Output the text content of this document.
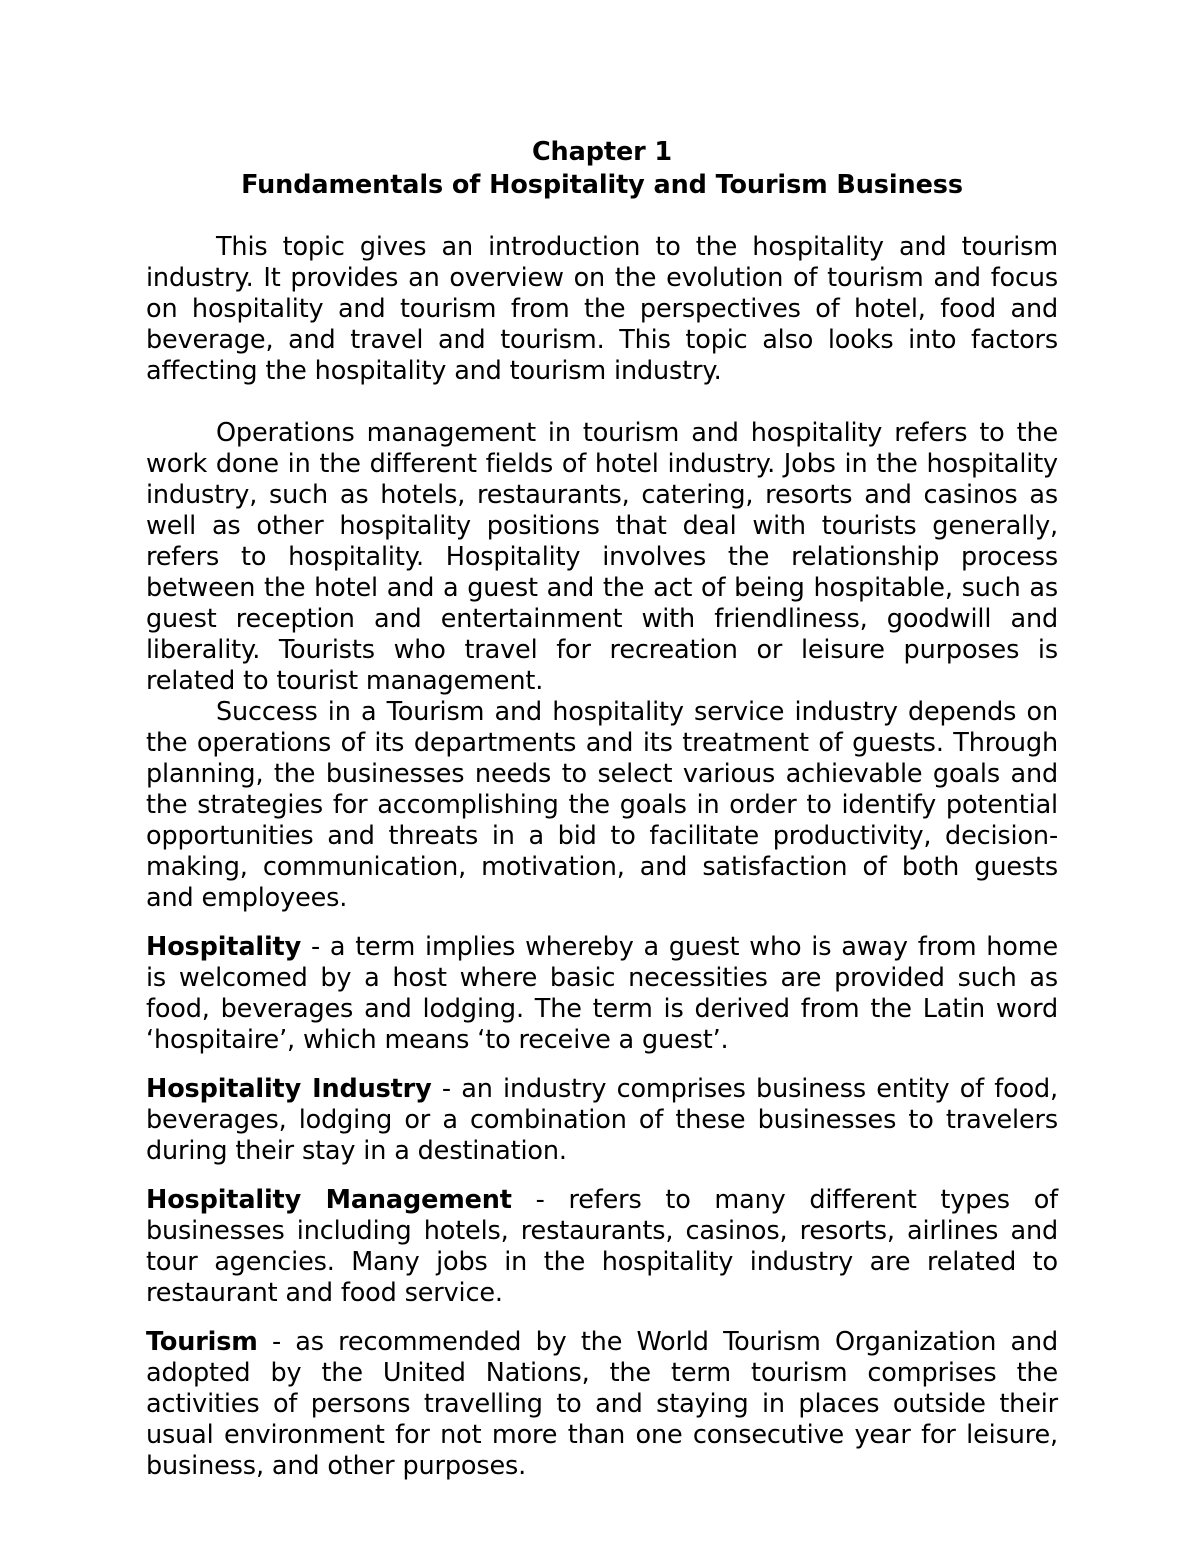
Chapter 1
Fundamentals of Hospitality and Tourism Business

This topic gives an introduction to the hospitality and tourism industry. It provides an overview on the evolution of tourism and focus on hospitality and tourism from the perspectives of hotel, food and beverage, and travel and tourism. This topic also looks into factors affecting the hospitality and tourism industry.

Operations management in tourism and hospitality refers to the work done in the different fields of hotel industry. Jobs in the hospitality industry, such as hotels, restaurants, catering, resorts and casinos as well as other hospitality positions that deal with tourists generally, refers to hospitality. Hospitality involves the relationship process between the hotel and a guest and the act of being hospitable, such as guest reception and entertainment with friendliness, goodwill and liberality. Tourists who travel for recreation or leisure purposes is related to tourist management.

Success in a Tourism and hospitality service industry depends on the operations of its departments and its treatment of guests. Through planning, the businesses needs to select various achievable goals and the strategies for accomplishing the goals in order to identify potential opportunities and threats in a bid to facilitate productivity, decision-making, communication, motivation, and satisfaction of both guests and employees.

Hospitality - a term implies whereby a guest who is away from home is welcomed by a host where basic necessities are provided such as food, beverages and lodging. The term is derived from the Latin word ‘hospitaire’, which means ‘to receive a guest’.

Hospitality Industry - an industry comprises business entity of food, beverages, lodging or a combination of these businesses to travelers during their stay in a destination.

Hospitality Management - refers to many different types of businesses including hotels, restaurants, casinos, resorts, airlines and tour agencies. Many jobs in the hospitality industry are related to restaurant and food service.

Tourism - as recommended by the World Tourism Organization and adopted by the United Nations, the term tourism comprises the activities of persons travelling to and staying in places outside their usual environment for not more than one consecutive year for leisure, business, and other purposes.
